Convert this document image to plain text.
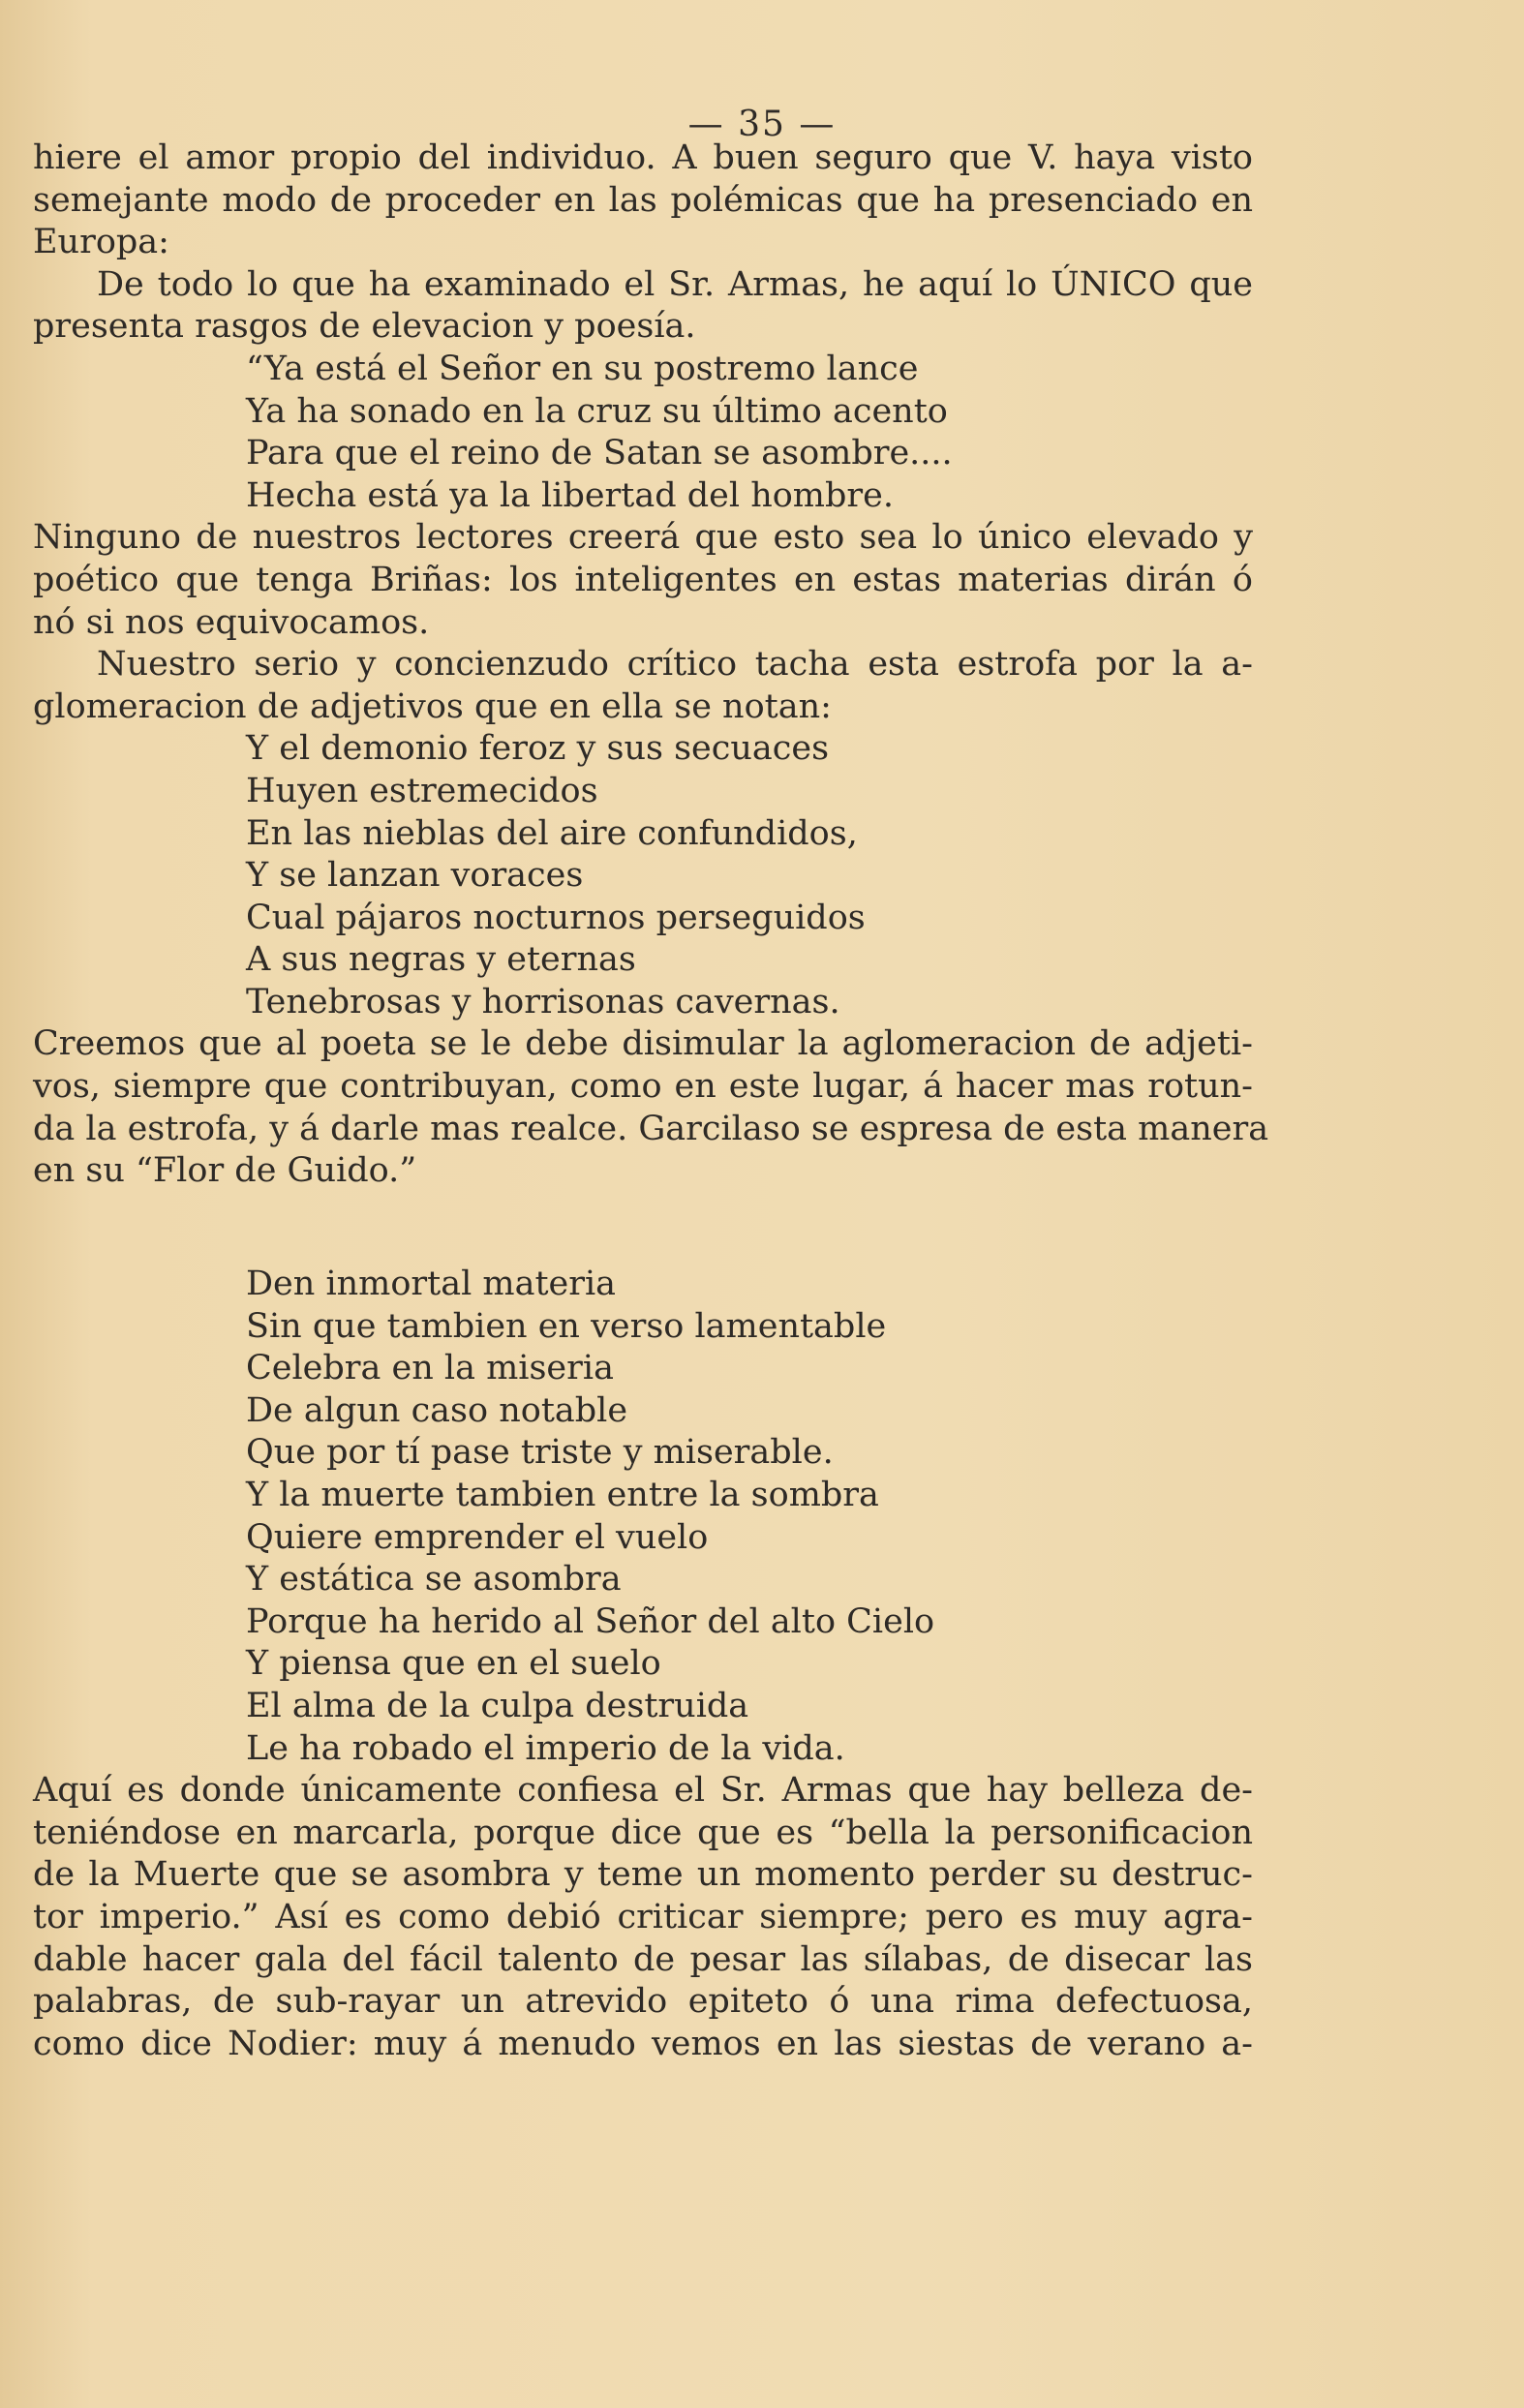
— 35 —
hiere el amor propio del individuo. A buen seguro que V. haya visto
semejante modo de proceder en las polémicas que ha presenciado en
Europa:
De todo lo que ha examinado el Sr. Armas, he aquí lo ÚNICO que
presenta rasgos de elevacion y poesía.
“Ya está el Señor en su postremo lance
Ya ha sonado en la cruz su último acento
Para que el reino de Satan se asombre....
Hecha está ya la libertad del hombre.
Ninguno de nuestros lectores creerá que esto sea lo único elevado y
poético que tenga Briñas: los inteligentes en estas materias dirán ó
nó si nos equivocamos.
Nuestro serio y concienzudo crítico tacha esta estrofa por la a-
glomeracion de adjetivos que en ella se notan:
Y el demonio feroz y sus secuaces
Huyen estremecidos
En las nieblas del aire confundidos,
Y se lanzan voraces
Cual pájaros nocturnos perseguidos
A sus negras y eternas
Tenebrosas y horrisonas cavernas.
Creemos que al poeta se le debe disimular la aglomeracion de adjeti-
vos, siempre que contribuyan, como en este lugar, á hacer mas rotun-
da la estrofa, y á darle mas realce. Garcilaso se espresa de esta manera
en su “Flor de Guido.”
Den inmortal materia
Sin que tambien en verso lamentable
Celebra en la miseria
De algun caso notable
Que por tí pase triste y miserable.
Y la muerte tambien entre la sombra
Quiere emprender el vuelo
Y estática se asombra
Porque ha herido al Señor del alto Cielo
Y piensa que en el suelo
El alma de la culpa destruida
Le ha robado el imperio de la vida.
Aquí es donde únicamente confiesa el Sr. Armas que hay belleza de-
teniéndose en marcarla, porque dice que es “bella la personificacion
de la Muerte que se asombra y teme un momento perder su destruc-
tor imperio.” Así es como debió criticar siempre; pero es muy agra-
dable hacer gala del fácil talento de pesar las sílabas, de disecar las
palabras, de sub-rayar un atrevido epiteto ó una rima defectuosa,
como dice Nodier: muy á menudo vemos en las siestas de verano a-
